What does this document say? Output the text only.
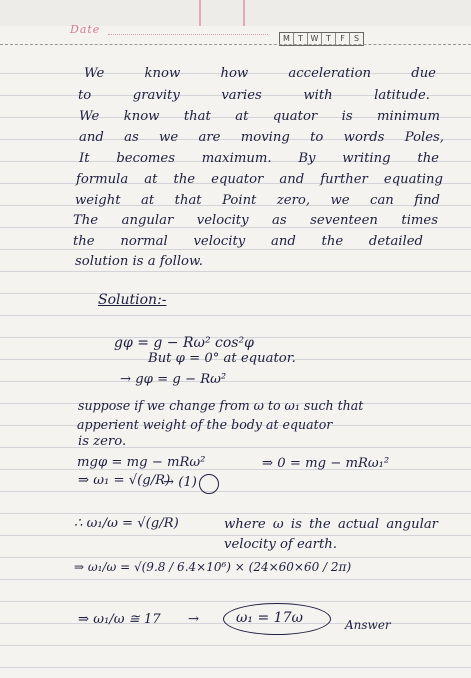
Date
M	T W T	F	S
We know how acceleration due
to gravity varies with latitude.
We know that at quator is minimum
and as we are moving to words Poles,
It becomes maximum. By writing the
formula at the equator and further equating
weight at that Point zero, we can find
The angular velocity as seventeen times
the normal velocity and the detailed
solution is a follow.
Solution:-
gφ = g − Rω² cos²φ
But φ = 0° at equator.
→ gφ = g − Rω²
suppose if we change from ω to ω₁ such that
apperient weight of the body at equator
is zero.
mgφ = mg − mRω²	⇒ 0 = mg − mRω₁²
⇒ ω₁ = √(g/R)
→ (1)
∴ ω₁/ω = √(g/R)	where ω is the actual angular
velocity of earth.
⇒ ω₁/ω = √(9.8 / 6.4×10⁶) × (24×60×60 / 2π)
⇒ ω₁/ω ≅ 17 →	ω₁ = 17ω	Answer
